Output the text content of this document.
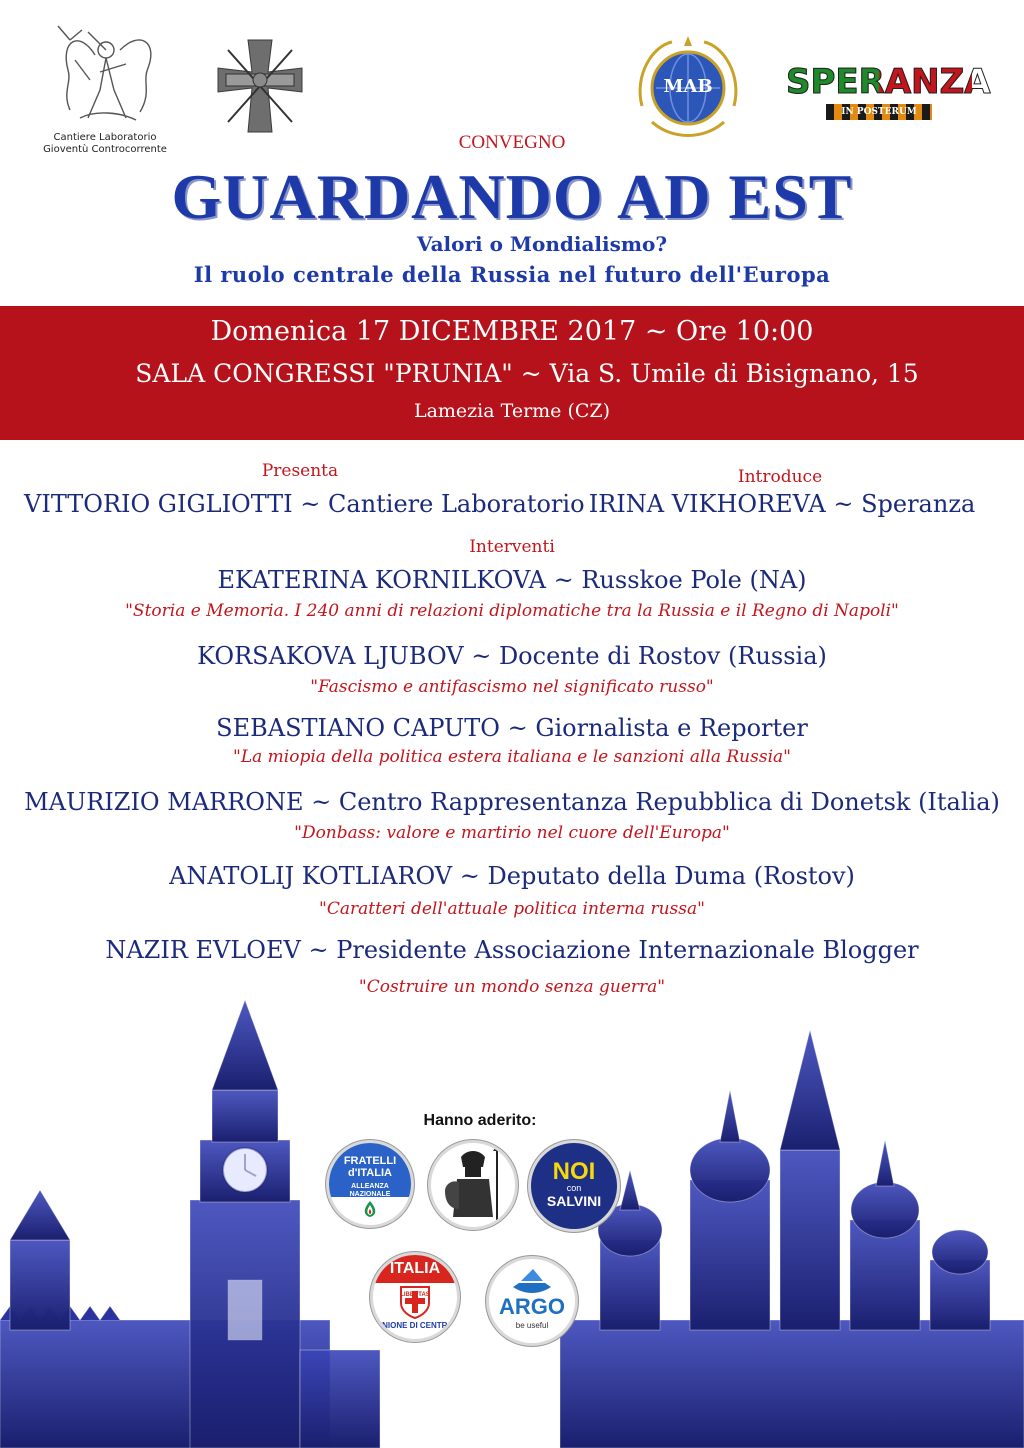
Cantiere Laboratorio
Gioventù Controcorrente
MAB	SPERANZA
IN POSTERUM
CONVEGNO
GUARDANDO AD EST
Valori o Mondialismo?
Il ruolo centrale della Russia nel futuro dell'Europa
Domenica 17 DICEMBRE 2017 ~ Ore 10:00
SALA CONGRESSI "PRUNIA" ~ Via S. Umile di Bisignano, 15
Lamezia Terme (CZ)
Presenta
VITTORIO GIGLIOTTI ~ Cantiere Laboratorio
Introduce
IRINA VIKHOREVA ~ Speranza
Interventi
EKATERINA KORNILKOVA ~ Russkoe Pole (NA)
"Storia e Memoria. I 240 anni di relazioni diplomatiche tra la Russia e il Regno di Napoli"
KORSAKOVA LJUBOV ~ Docente di Rostov (Russia)
"Fascismo e antifascismo nel significato russo"
SEBASTIANO CAPUTO ~ Giornalista e Reporter
"La miopia della politica estera italiana e le sanzioni alla Russia"
MAURIZIO MARRONE ~ Centro Rappresentanza Repubblica di Donetsk (Italia)
"Donbass: valore e martirio nel cuore dell'Europa"
ANATOLIJ KOTLIAROV ~ Deputato della Duma (Rostov)
"Caratteri dell'attuale politica interna russa"
NAZIR EVLOEV ~ Presidente Associazione Internazionale Blogger
"Costruire un mondo senza guerra"
Hanno aderito:
FRATELLI
d'ITALIA
ALLEANZA
NAZIONALE
NOI
con
SALVINI
ITALIA
LIBERTAS
UNIONE DI CENTRO
ARGO
be useful
